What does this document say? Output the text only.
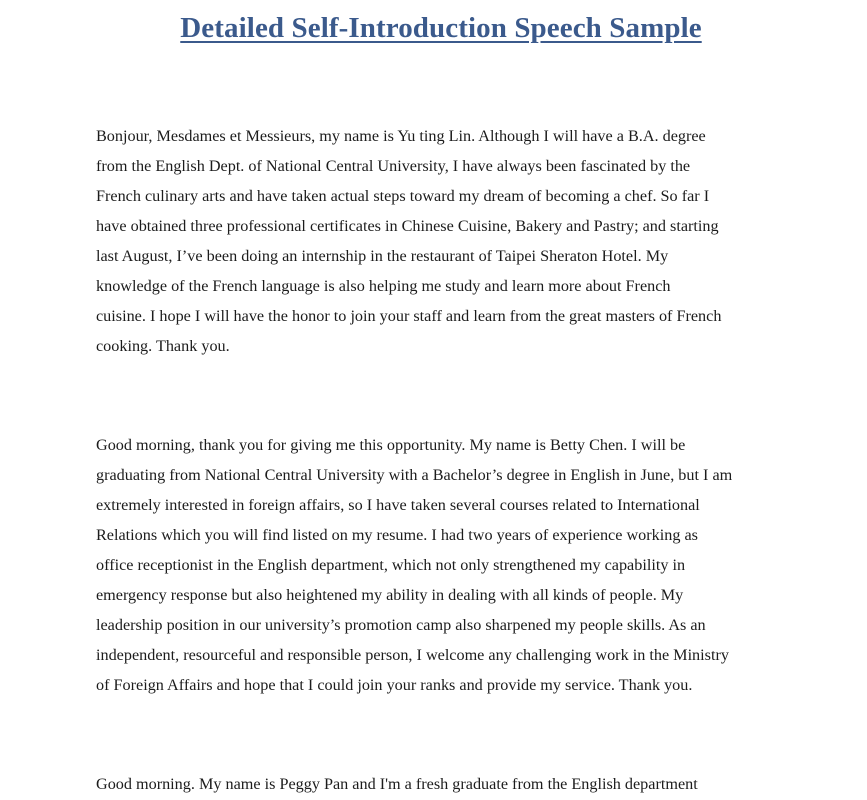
Detailed Self-Introduction Speech Sample

Bonjour, Mesdames et Messieurs, my name is Yu ting Lin. Although I will have a B.A. degree
from the English Dept. of National Central University, I have always been fascinated by the
French culinary arts and have taken actual steps toward my dream of becoming a chef. So far I
have obtained three professional certificates in Chinese Cuisine, Bakery and Pastry; and starting
last August, I’ve been doing an internship in the restaurant of Taipei Sheraton Hotel. My
knowledge of the French language is also helping me study and learn more about French
cuisine. I hope I will have the honor to join your staff and learn from the great masters of French
cooking. Thank you.

Good morning, thank you for giving me this opportunity. My name is Betty Chen. I will be
graduating from National Central University with a Bachelor’s degree in English in June, but I am
extremely interested in foreign affairs, so I have taken several courses related to International
Relations which you will find listed on my resume. I had two years of experience working as
office receptionist in the English department, which not only strengthened my capability in
emergency response but also heightened my ability in dealing with all kinds of people. My
leadership position in our university’s promotion camp also sharpened my people skills. As an
independent, resourceful and responsible person, I welcome any challenging work in the Ministry
of Foreign Affairs and hope that I could join your ranks and provide my service. Thank you.

Good morning. My name is Peggy Pan and I'm a fresh graduate from the English department
